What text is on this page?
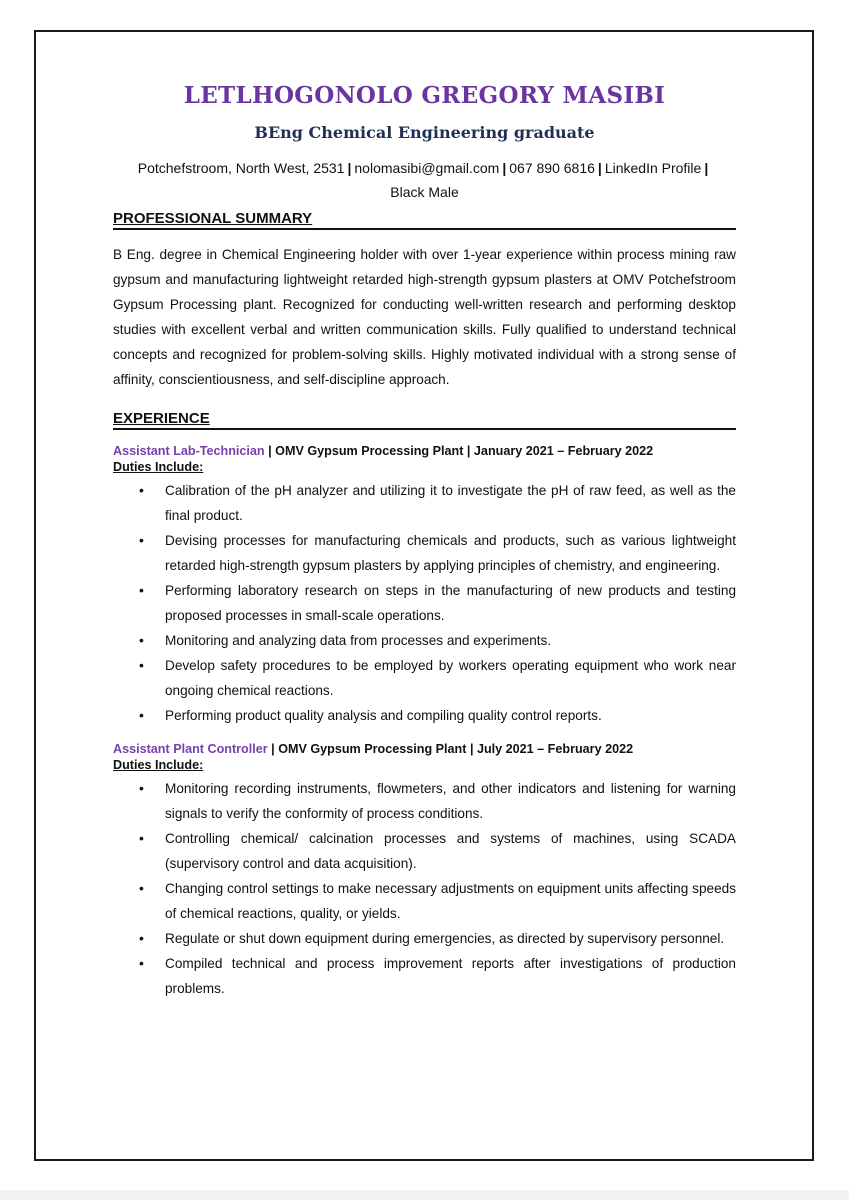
LETLHOGONOLO GREGORY MASIBI
BEng Chemical Engineering graduate
Potchefstroom, North West, 2531 | nolomasibi@gmail.com | 067 890 6816 | LinkedIn Profile |
Black Male
PROFESSIONAL SUMMARY
B Eng. degree in Chemical Engineering holder with over 1-year experience within process mining raw gypsum and manufacturing lightweight retarded high-strength gypsum plasters at OMV Potchefstroom Gypsum Processing plant. Recognized for conducting well-written research and performing desktop studies with excellent verbal and written communication skills. Fully qualified to understand technical concepts and recognized for problem-solving skills. Highly motivated individual with a strong sense of affinity, conscientiousness, and self-discipline approach.
EXPERIENCE
Assistant Lab-Technician | OMV Gypsum Processing Plant | January 2021 – February 2022
Duties Include:
• Calibration of the pH analyzer and utilizing it to investigate the pH of raw feed, as well as the final product.
• Devising processes for manufacturing chemicals and products, such as various lightweight retarded high-strength gypsum plasters by applying principles of chemistry, and engineering.
• Performing laboratory research on steps in the manufacturing of new products and testing proposed processes in small-scale operations.
• Monitoring and analyzing data from processes and experiments.
• Develop safety procedures to be employed by workers operating equipment who work near ongoing chemical reactions.
• Performing product quality analysis and compiling quality control reports.
Assistant Plant Controller | OMV Gypsum Processing Plant | July 2021 – February 2022
Duties Include:
• Monitoring recording instruments, flowmeters, and other indicators and listening for warning signals to verify the conformity of process conditions.
• Controlling chemical/ calcination processes and systems of machines, using SCADA (supervisory control and data acquisition).
• Changing control settings to make necessary adjustments on equipment units affecting speeds of chemical reactions, quality, or yields.
• Regulate or shut down equipment during emergencies, as directed by supervisory personnel.
• Compiled technical and process improvement reports after investigations of production problems.
